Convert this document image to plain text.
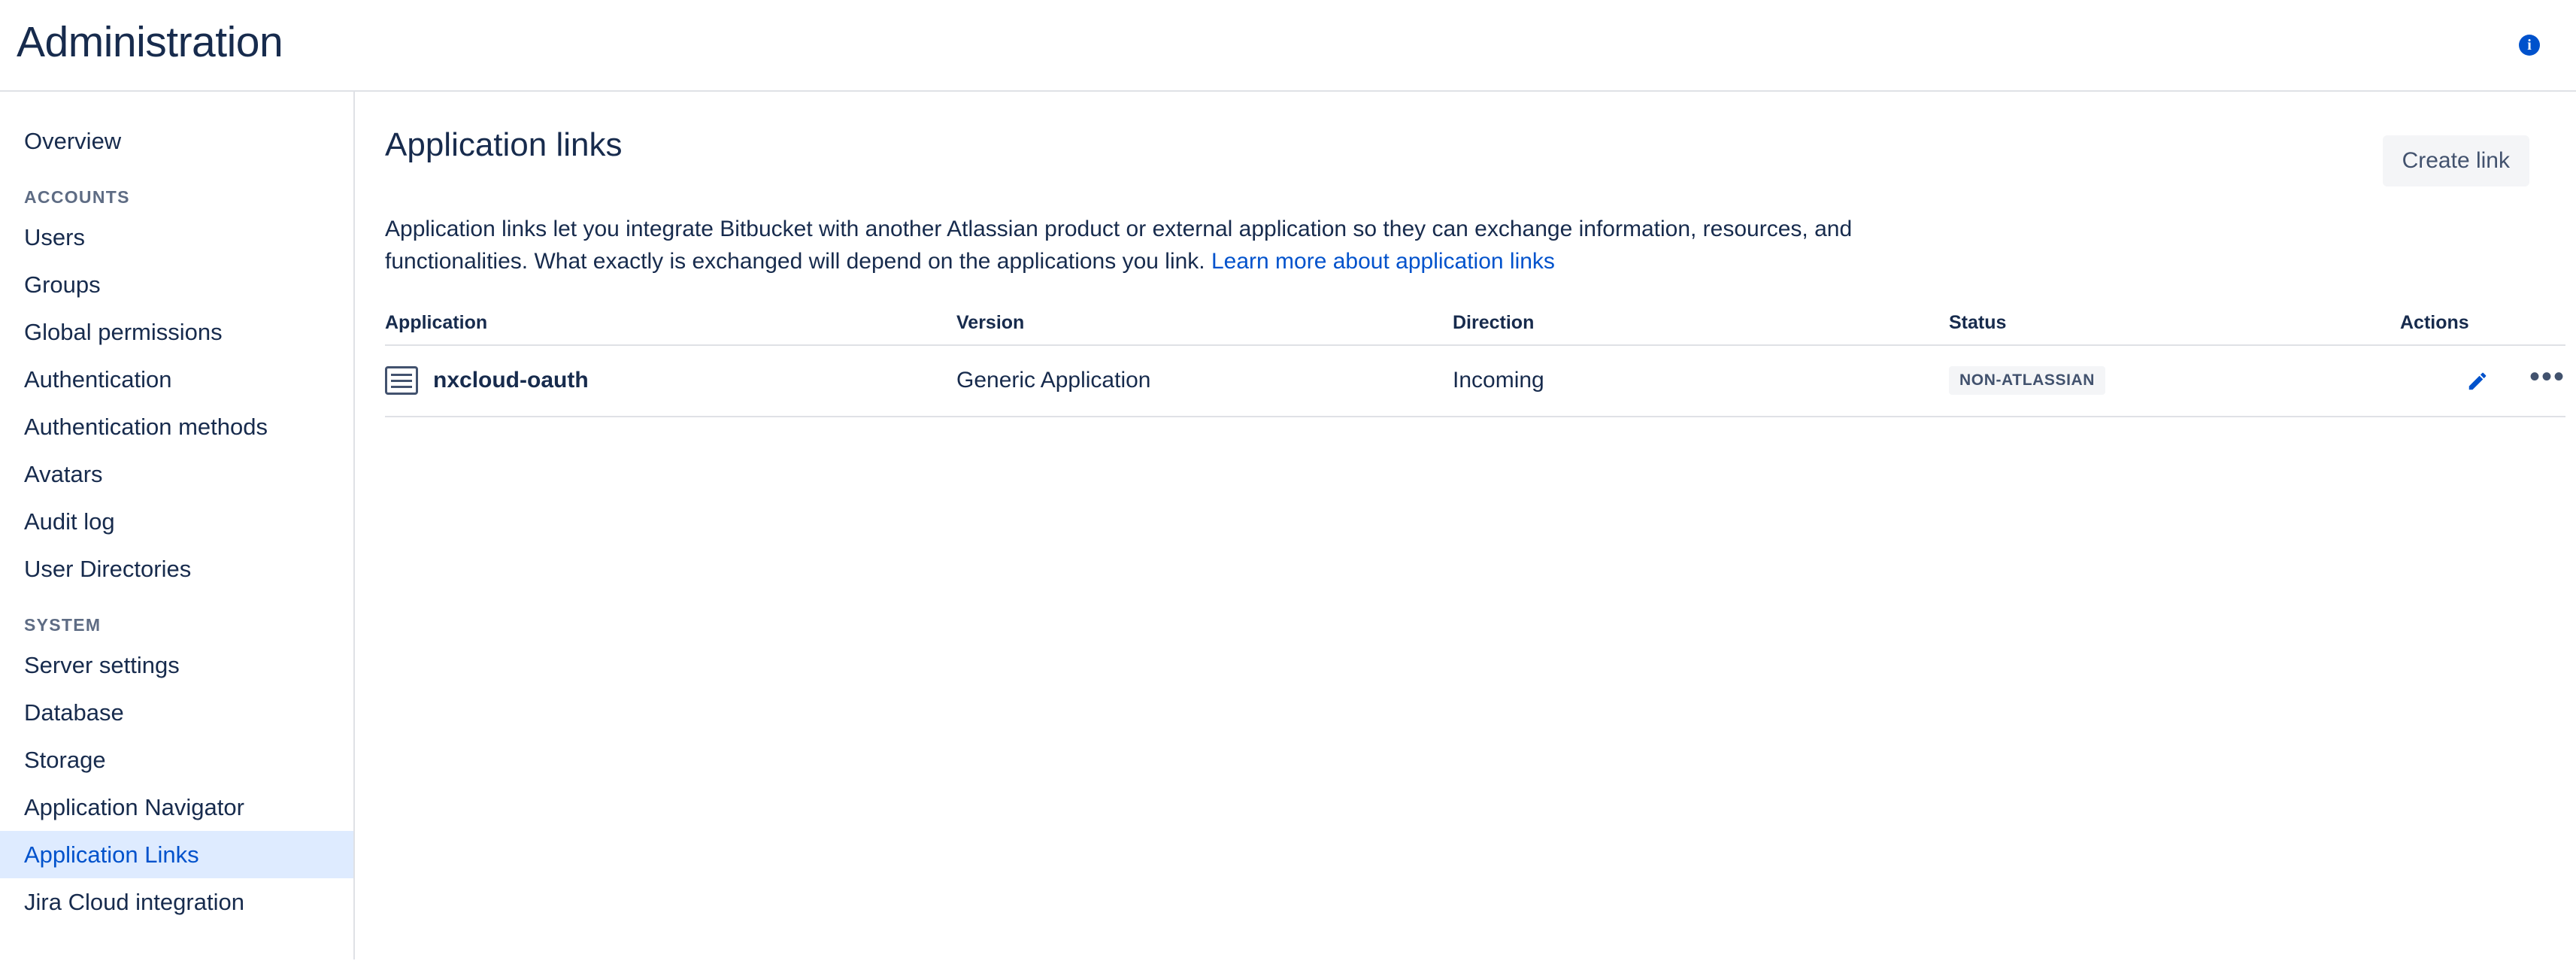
Administration	i
Overview
ACCOUNTS
Users
Groups
Global permissions
Authentication
Authentication methods
Avatars
Audit log
User Directories
SYSTEM
Server settings
Database
Storage
Application Navigator
Application Links
Jira Cloud integration
Application links	Create link
Application links let you integrate Bitbucket with another Atlassian product or external application so they can exchange information, resources, and functionalities. What exactly is exchanged will depend on the applications you link. Learn more about application links
Application	Version	Direction	Status	Actions

nxcloud-oauth	Generic Application	Incoming	NON-ATLASSIAN	•••
